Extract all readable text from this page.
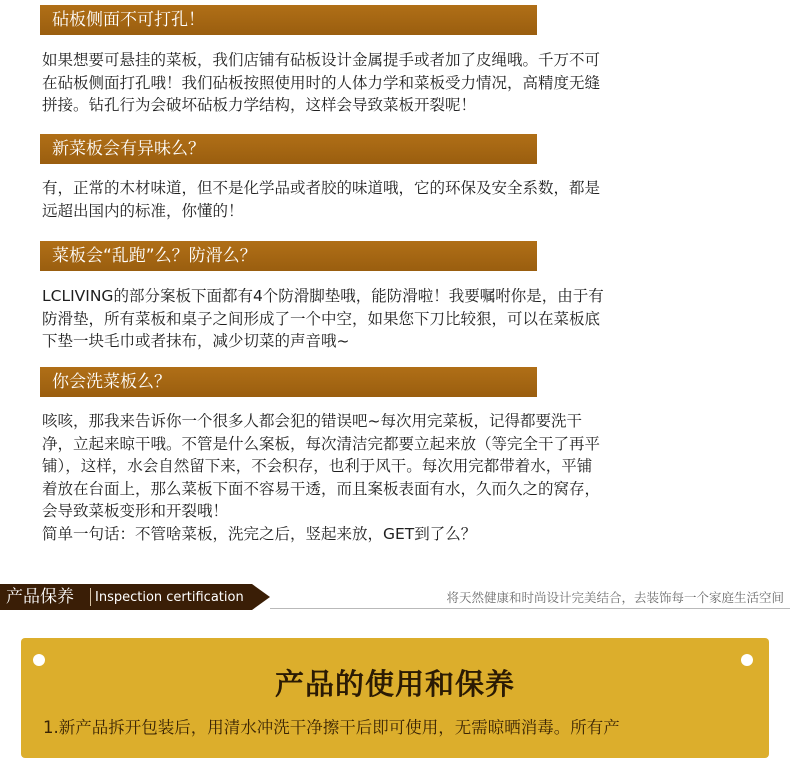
砧板侧面不可打孔！
如果想要可悬挂的菜板，我们店铺有砧板设计金属提手或者加了皮绳哦。千万不可
在砧板侧面打孔哦！我们砧板按照使用时的人体力学和菜板受力情况，高精度无缝
拼接。钻孔行为会破坏砧板力学结构，这样会导致菜板开裂呢！
新菜板会有异味么？
有，正常的木材味道，但不是化学品或者胶的味道哦，它的环保及安全系数，都是
远超出国内的标准，你懂的！
菜板会“乱跑”么？防滑么？
LCLIVING的部分案板下面都有4个防滑脚垫哦，能防滑啦！我要嘱咐你是，由于有
防滑垫，所有菜板和桌子之间形成了一个中空，如果您下刀比较狠，可以在菜板底
下垫一块毛巾或者抹布，减少切菜的声音哦~
你会洗菜板么？
咳咳，那我来告诉你一个很多人都会犯的错误吧~每次用完菜板，记得都要洗干
净，立起来晾干哦。不管是什么案板，每次清洁完都要立起来放（等完全干了再平
铺），这样，水会自然留下来，不会积存，也利于风干。每次用完都带着水，平铺
着放在台面上，那么菜板下面不容易干透，而且案板表面有水，久而久之的窝存，
会导致菜板变形和开裂哦！
简单一句话：不管啥菜板，洗完之后，竖起来放，GET到了么？
产品保养 Inspection certification	将天然健康和时尚设计完美结合，去装饰每一个家庭生活空间
产品的使用和保养
1.新产品拆开包装后，用清水冲洗干净擦干后即可使用，无需晾晒消毒。所有产
